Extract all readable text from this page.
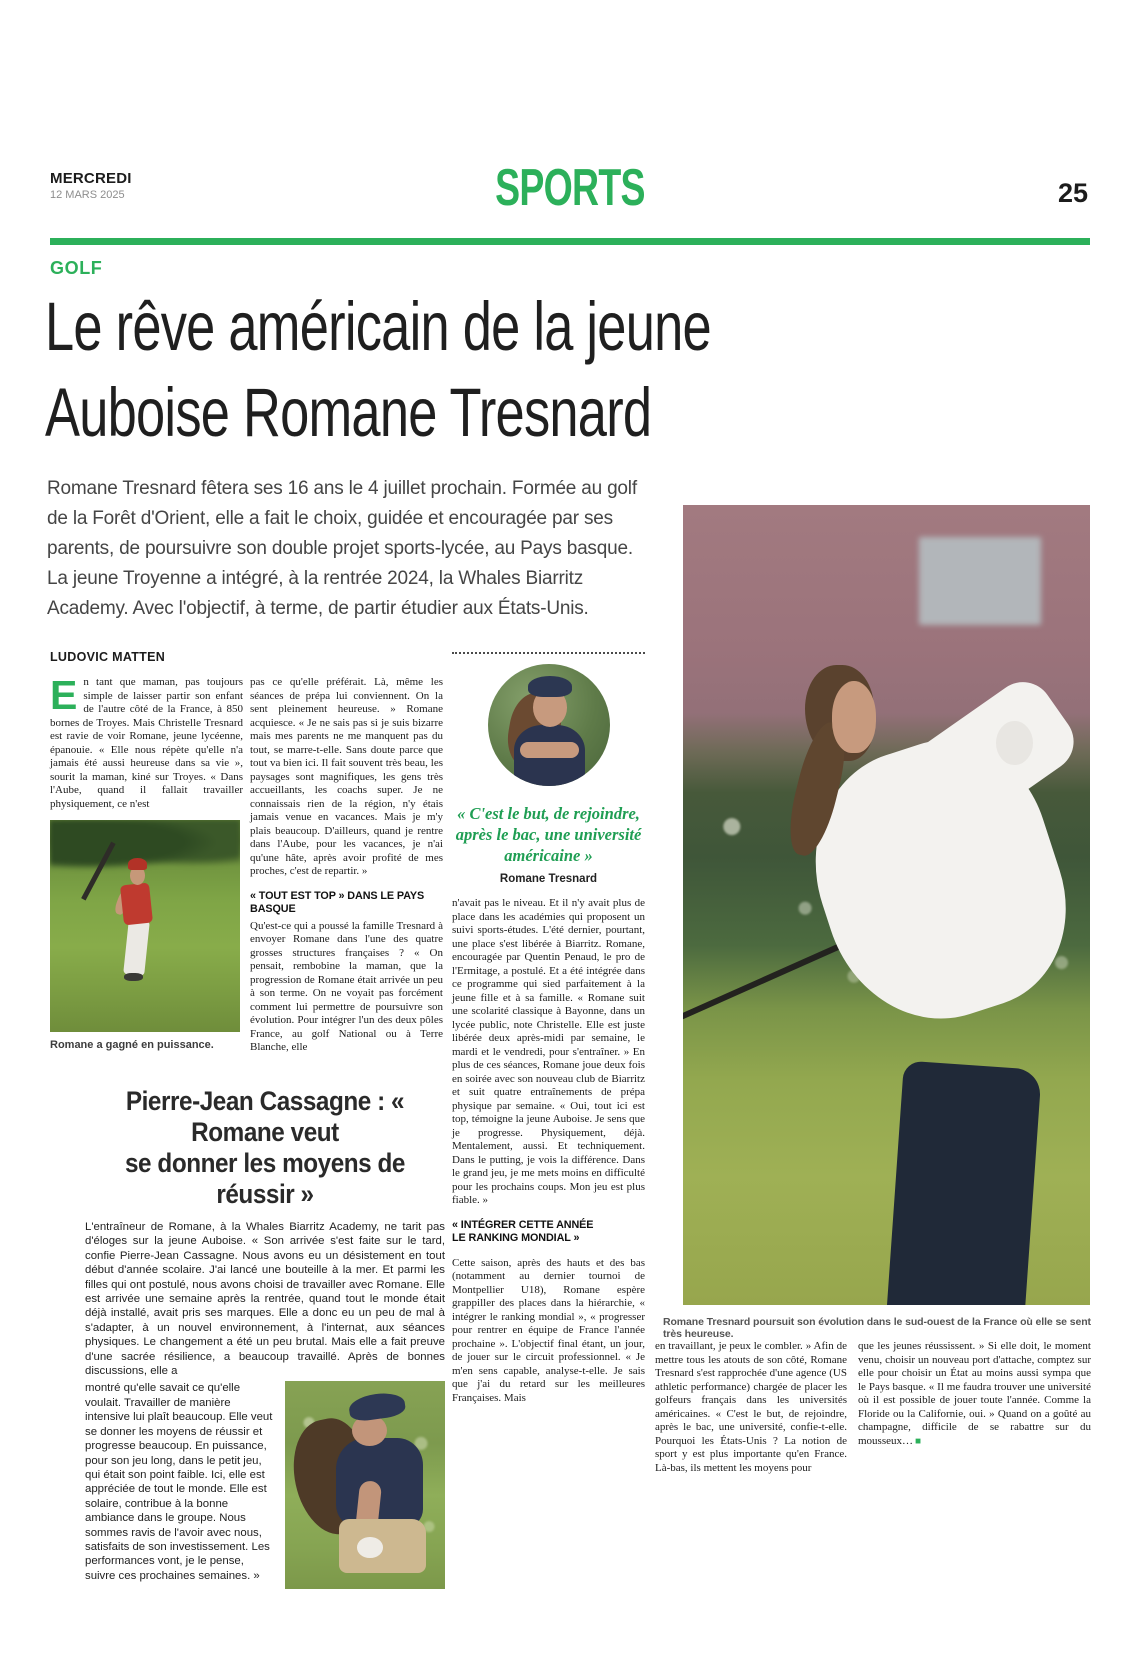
MERCREDI
12 MARS 2025	SPORTS	25
GOLF
Le rêve américain de la jeune
Auboise Romane Tresnard
Romane Tresnard fêtera ses 16 ans le 4 juillet prochain. Formée au golf de la Forêt d'Orient, elle a fait le choix, guidée et encouragée par ses parents, de poursuivre son double projet sports-lycée, au Pays basque. La jeune Troyenne a intégré, à la rentrée 2024, la Whales Biarritz Academy. Avec l'objectif, à terme, de partir étudier aux États-Unis.
LUDOVIC MATTEN
En tant que maman, pas toujours simple de laisser partir son enfant de l'autre côté de la France, à 850 bornes de Troyes. Mais Christelle Tresnard est ravie de voir Romane, jeune lycéenne, épanouie. « Elle nous répète qu'elle n'a jamais été aussi heureuse dans sa vie », sourit la maman, kiné sur Troyes. « Dans l'Aube, quand il fallait travailler physiquement, ce n'est
Romane a gagné en puissance.
pas ce qu'elle préférait. Là, même les séances de prépa lui conviennent. On la sent pleinement heureuse. » Romane acquiesce. « Je ne sais pas si je suis bizarre mais mes parents ne me manquent pas du tout, se marre-t-elle. Sans doute parce que tout va bien ici. Il fait souvent très beau, les paysages sont magnifiques, les gens très accueillants, les coachs super. Je ne connaissais rien de la région, n'y étais jamais venue en vacances. Mais je m'y plais beaucoup. D'ailleurs, quand je rentre dans l'Aube, pour les vacances, je n'ai qu'une hâte, après avoir profité de mes proches, c'est de repartir. »
« TOUT EST TOP » DANS LE PAYS BASQUE
Qu'est-ce qui a poussé la famille Tresnard à envoyer Romane dans l'une des quatre grosses structures françaises ? « On pensait, rembobine la maman, que la progression de Romane était arrivée un peu à son terme. On ne voyait pas forcément comment lui permettre de poursuivre son évolution. Pour intégrer l'un des deux pôles France, au golf National ou à Terre Blanche, elle
« C'est le but, de rejoindre, après le bac, une université américaine »
Romane Tresnard
n'avait pas le niveau. Et il n'y avait plus de place dans les académies qui proposent un suivi sports-études. L'été dernier, pourtant, une place s'est libérée à Biarritz. Romane, encouragée par Quentin Penaud, le pro de l'Ermitage, a postulé. Et a été intégrée dans ce programme qui sied parfaitement à la jeune fille et à sa famille. « Romane suit une scolarité classique à Bayonne, dans un lycée public, note Christelle. Elle est juste libérée deux après-midi par semaine, le mardi et le vendredi, pour s'entraîner. » En plus de ces séances, Romane joue deux fois en soirée avec son nouveau club de Biarritz et suit quatre entraînements de prépa physique par semaine. « Oui, tout ici est top, témoigne la jeune Auboise. Je sens que je progresse. Physiquement, déjà. Mentalement, aussi. Et techniquement. Dans le putting, je vois la différence. Dans le grand jeu, je me mets moins en difficulté pour les prochains coups. Mon jeu est plus fiable. »
« INTÉGRER CETTE ANNÉE
LE RANKING MONDIAL »
Cette saison, après des hauts et des bas (notamment au dernier tournoi de Montpellier U18), Romane espère grappiller des places dans la hiérarchie, « intégrer le ranking mondial », « progresser pour rentrer en équipe de France l'année prochaine ». L'objectif final étant, un jour, de jouer sur le circuit professionnel. « Je m'en sens capable, analyse-t-elle. Je sais que j'ai du retard sur les meilleures Françaises. Mais
Romane Tresnard poursuit son évolution dans le sud-ouest de la France où elle se sent très heureuse.
en travaillant, je peux le combler. » Afin de mettre tous les atouts de son côté, Romane Tresnard s'est rapprochée d'une agence (US athletic performance) chargée de placer les golfeurs français dans les universités américaines. « C'est le but, de rejoindre, après le bac, une université, confie-t-elle. Pourquoi les États-Unis ? La notion de sport y est plus importante qu'en France. Là-bas, ils mettent les moyens pour
que les jeunes réussissent. » Si elle doit, le moment venu, choisir un nouveau port d'attache, comptez sur elle pour choisir un État au moins aussi sympa que le Pays basque. « Il me faudra trouver une université où il est possible de jouer toute l'année. Comme la Floride ou la Californie, oui. » Quand on a goûté au champagne, difficile de se rabattre sur du mousseux… ■
Pierre-Jean Cassagne : « Romane veut
se donner les moyens de réussir »
L'entraîneur de Romane, à la Whales Biarritz Academy, ne tarit pas d'éloges sur la jeune Auboise. « Son arrivée s'est faite sur le tard, confie Pierre-Jean Cassagne. Nous avons eu un désistement en tout début d'année scolaire. J'ai lancé une bouteille à la mer. Et parmi les filles qui ont postulé, nous avons choisi de travailler avec Romane. Elle est arrivée une semaine après la rentrée, quand tout le monde était déjà installé, avait pris ses marques. Elle a donc eu un peu de mal à s'adapter, à un nouvel environnement, à l'internat, aux séances physiques. Le changement a été un peu brutal. Mais elle a fait preuve d'une sacrée résilience, a beaucoup travaillé. Après de bonnes discussions, elle a
montré qu'elle savait ce qu'elle voulait. Travailler de manière intensive lui plaît beaucoup. Elle veut se donner les moyens de réussir et progresse beaucoup. En puissance, pour son jeu long, dans le petit jeu, qui était son point faible. Ici, elle est appréciée de tout le monde. Elle est solaire, contribue à la bonne ambiance dans le groupe. Nous sommes ravis de l'avoir avec nous, satisfaits de son investissement. Les performances vont, je le pense, suivre ces prochaines semaines. »
